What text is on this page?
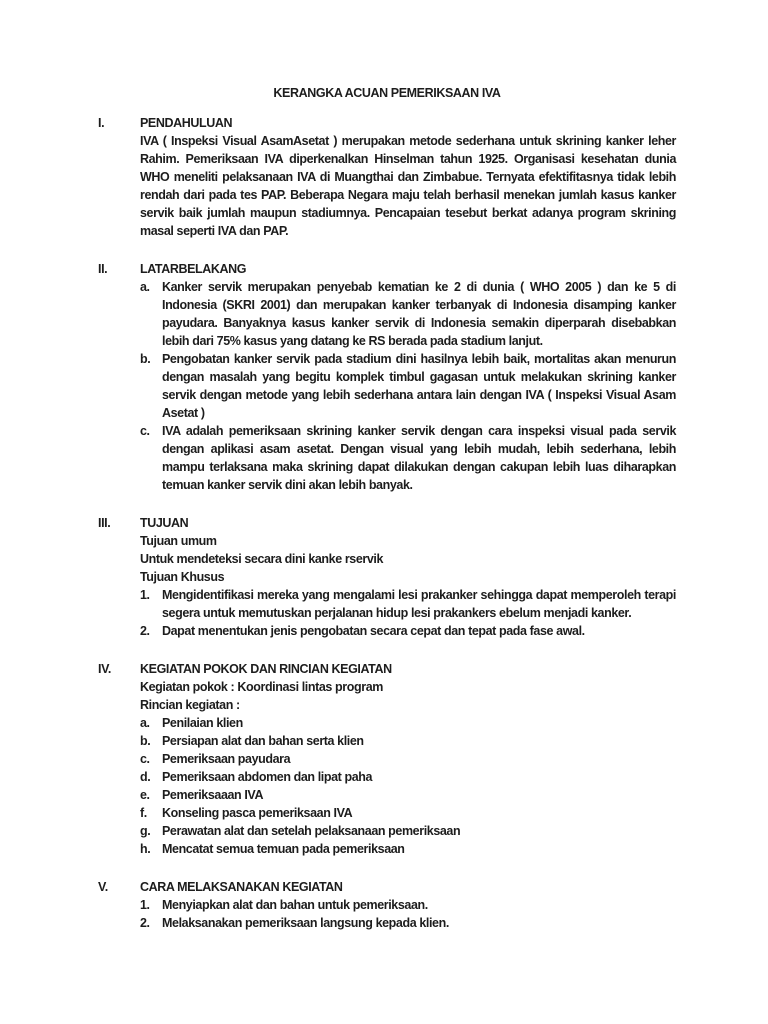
KERANGKA ACUAN PEMERIKSAAN IVA
I.	PENDAHULUAN
IVA ( Inspeksi Visual AsamAsetat ) merupakan metode sederhana untuk skrining kanker leher Rahim. Pemeriksaan IVA diperkenalkan Hinselman tahun 1925. Organisasi kesehatan dunia WHO meneliti pelaksanaan IVA di Muangthai dan Zimbabue. Ternyata efektifitasnya tidak lebih rendah dari pada tes PAP. Beberapa Negara maju telah berhasil menekan jumlah kasus kanker servik baik jumlah maupun stadiumnya. Pencapaian tesebut berkat adanya program skrining masal seperti IVA dan PAP.
II.	LATARBELAKANG
a. Kanker servik merupakan penyebab kematian ke 2 di dunia ( WHO 2005 ) dan ke 5 di Indonesia (SKRI 2001) dan merupakan kanker terbanyak di Indonesia disamping kanker payudara. Banyaknya kasus kanker servik di Indonesia semakin diperparah disebabkan lebih dari 75% kasus yang datang ke RS berada pada stadium lanjut.
b. Pengobatan kanker servik pada stadium dini hasilnya lebih baik, mortalitas akan menurun dengan masalah yang begitu komplek timbul gagasan untuk melakukan skrining kanker servik dengan metode yang lebih sederhana antara lain dengan IVA ( Inspeksi Visual Asam Asetat )
c. IVA adalah pemeriksaan skrining kanker servik dengan cara inspeksi visual pada servik dengan aplikasi asam asetat. Dengan visual yang lebih mudah, lebih sederhana, lebih mampu terlaksana maka skrining dapat dilakukan dengan cakupan lebih luas diharapkan temuan kanker servik dini akan lebih banyak.
III.	TUJUAN
Tujuan umum
Untuk mendeteksi secara dini kanke rservik
Tujuan Khusus
1. Mengidentifikasi mereka yang mengalami lesi prakanker sehingga dapat memperoleh terapi segera untuk memutuskan perjalanan hidup lesi prakankers ebelum menjadi kanker.
2. Dapat menentukan jenis pengobatan secara cepat dan tepat pada fase awal.
IV.	KEGIATAN POKOK DAN RINCIAN KEGIATAN
Kegiatan pokok : Koordinasi lintas program
Rincian kegiatan :
a. Penilaian klien
b. Persiapan alat dan bahan serta klien
c. Pemeriksaan payudara
d. Pemeriksaan abdomen dan lipat paha
e. Pemeriksaaan IVA
f.	Konseling pasca pemeriksaan IVA
g. Perawatan alat dan setelah pelaksanaan pemeriksaan
h. Mencatat semua temuan pada pemeriksaan
V.	CARA MELAKSANAKAN KEGIATAN
1. Menyiapkan alat dan bahan untuk pemeriksaan.
2. Melaksanakan pemeriksaan langsung kepada klien.
